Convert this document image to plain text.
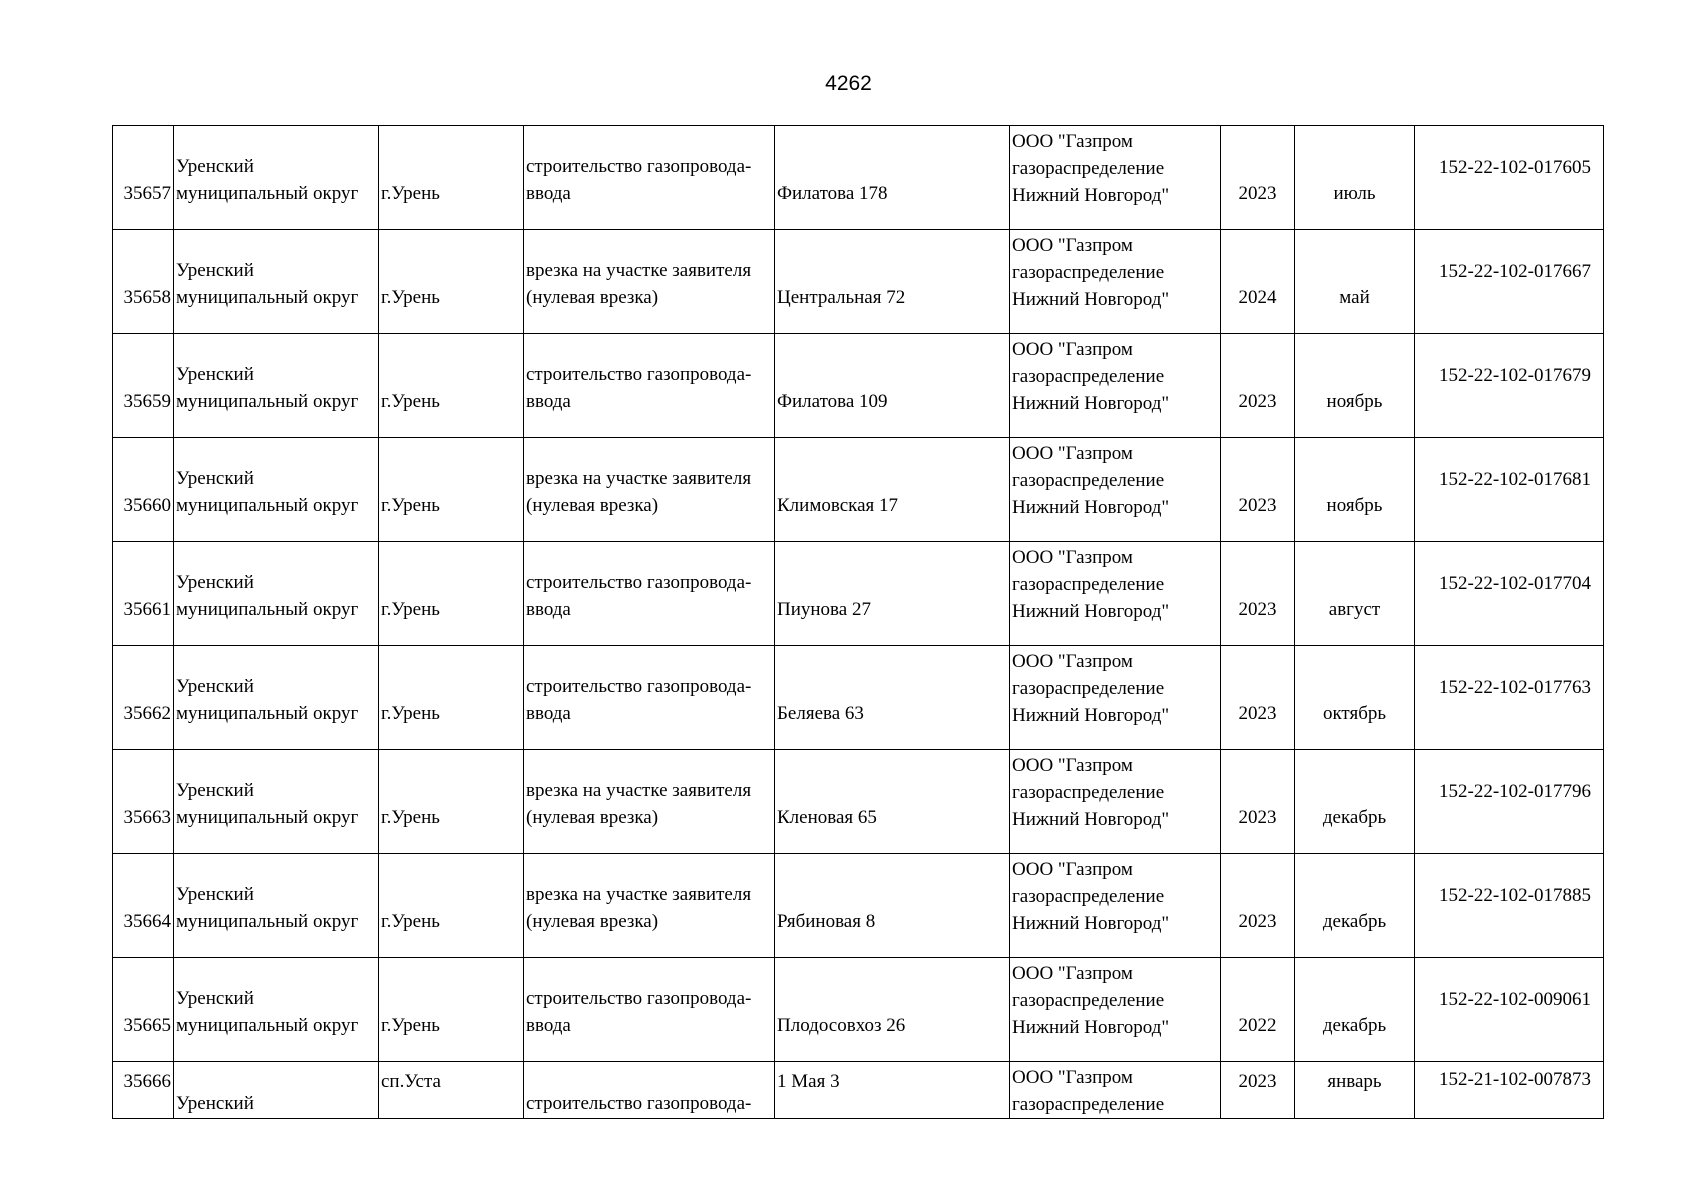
4262
35657	Уренский
муниципальный округ	г.Урень	строительство газопровода-
ввода	Филатова 178	ООО "Газпром
газораспределение
Нижний Новгород"	2023	июль	152-22-102-017605

35658	Уренский
муниципальный округ	г.Урень	врезка на участке заявителя
(нулевая врезка)	Центральная 72	ООО "Газпром
газораспределение
Нижний Новгород"	2024	май	152-22-102-017667

35659	Уренский
муниципальный округ	г.Урень	строительство газопровода-
ввода	Филатова 109	ООО "Газпром
газораспределение
Нижний Новгород"	2023	ноябрь	152-22-102-017679

35660	Уренский
муниципальный округ	г.Урень	врезка на участке заявителя
(нулевая врезка)	Климовская 17	ООО "Газпром
газораспределение
Нижний Новгород"	2023	ноябрь	152-22-102-017681

35661	Уренский
муниципальный округ	г.Урень	строительство газопровода-
ввода	Пиунова 27	ООО "Газпром
газораспределение
Нижний Новгород"	2023	август	152-22-102-017704

35662	Уренский
муниципальный округ	г.Урень	строительство газопровода-
ввода	Беляева 63	ООО "Газпром
газораспределение
Нижний Новгород"	2023	октябрь	152-22-102-017763

35663	Уренский
муниципальный округ	г.Урень	врезка на участке заявителя
(нулевая врезка)	Кленовая 65	ООО "Газпром
газораспределение
Нижний Новгород"	2023	декабрь	152-22-102-017796

35664	Уренский
муниципальный округ	г.Урень	врезка на участке заявителя
(нулевая врезка)	Рябиновая 8	ООО "Газпром
газораспределение
Нижний Новгород"	2023	декабрь	152-22-102-017885

35665	Уренский
муниципальный округ	г.Урень	строительство газопровода-
ввода	Плодосовхоз 26	ООО "Газпром
газораспределение
Нижний Новгород"	2022	декабрь	152-22-102-009061

35666	Уренский	сп.Уста	строительство газопровода-	1 Мая 3	ООО "Газпром
газораспределение	2023	январь	152-21-102-007873
